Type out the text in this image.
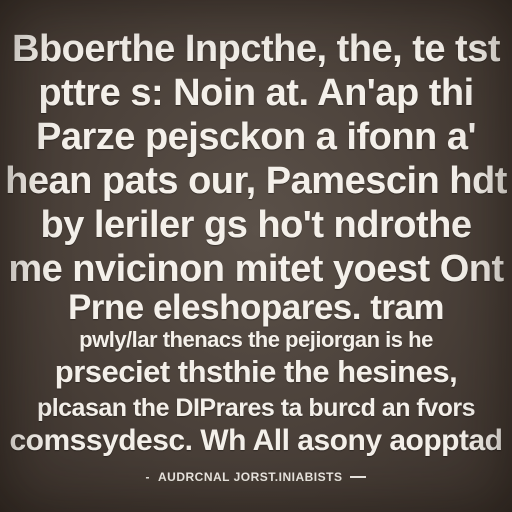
Bboerthe Inpcthe, the, te tst
pttre s: Noin at. An'ap thi
Parze pejsckon a ifonn a'
hean pats our, Pamescin hdt
by leriler gs ho't ndrothe
me nvicinon mitet yoest Ont
Prne eleshopares. tram
pwly/lar thenacs the pejiorgan is he
prseciet thsthie the hesines,
plcasan the DIPrares ta burcd an fvors
comssydesc. Wh All asony aopptad
- AUDRCNAL JORST.INIABISTS
